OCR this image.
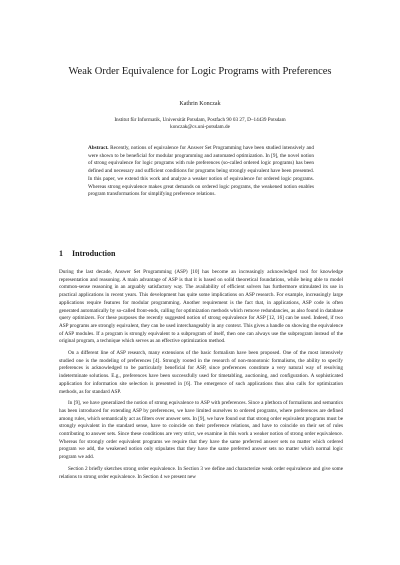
Weak Order Equivalence for Logic Programs with Preferences
Kathrin Konczak
Institut für Informatik, Universität Potsdam, Postfach 90 03 27, D–14439 Potsdam
konczak@cs.uni-potsdam.de
Abstract. Recently, notions of equivalence for Answer Set Programming have been studied intensively and were shown to be beneficial for modular programming and automated optimization. In [9], the novel notion of strong equivalence for logic programs with rule preferences (so-called ordered logic programs) has been defined and necessary and sufficient conditions for programs being strongly equivalent have been presented. In this paper, we extend this work and analyze a weaker notion of equivalence for ordered logic programs. Whereas strong equivalence makes great demands on ordered logic programs, the weakened notion enables program transformations for simplifying preference relations.
1 Introduction

During the last decade, Answer Set Programming (ASP) [10] has become an increasingly acknowledged tool for knowledge representation and reasoning. A main advantage of ASP is that it is based on solid theoretical foundations, while being able to model common-sense reasoning in an arguably satisfactory way. The availability of efficient solvers has furthermore stimulated its use in practical applications in recent years. This development has quite some implications on ASP research. For example, increasingly large applications require features for modular programming. Another requirement is the fact that, in applications, ASP code is often generated automatically by so-called front-ends, calling for optimization methods which remove redundancies, as also found in database query optimizers. For these purposes the recently suggested notion of strong equivalence for ASP [12, 16] can be used. Indeed, if two ASP programs are strongly equivalent, they can be used interchangeably in any context. This gives a handle on showing the equivalence of ASP modules. If a program is strongly equivalent to a subprogram of itself, then one can always use the subprogram instead of the original program, a technique which serves as an effective optimization method.

On a different line of ASP research, many extensions of the basic formalism have been proposed. One of the most intensively studied one is the modeling of preferences [4]. Strongly rooted in the research of non-monotonic formalisms, the ability to specify preferences is acknowledged to be particularly beneficial for ASP, since preferences constitute a very natural way of resolving indeterminate solutions. E.g., preferences have been successfully used for timetabling, auctioning, and configuration. A sophisticated application for information site selection is presented in [6]. The emergence of such applications thus also calls for optimization methods, as for standard ASP.

In [9], we have generalized the notion of strong equivalence to ASP with preferences. Since a plethora of formalisms and semantics has been introduced for extending ASP by preferences, we have limited ourselves to ordered programs, where preferences are defined among rules, which semantically act as filters over answer sets. In [9], we have found out that strong order equivalent programs must be strongly equivalent in the standard sense, have to coincide on their preference relations, and have to coincide on their set of rules contributing to answer sets. Since these conditions are very strict, we examine in this work a weaker notion of strong order equivalence. Whereas for strongly order equivalent programs we require that they have the same preferred answer sets no matter which ordered program we add, the weakened notion only stipulates that they have the same preferred answer sets no matter which normal logic program we add.

Section 2 briefly sketches strong order equivalence. In Section 3 we define and characterize weak order equivalence and give some relations to strong order equivalence. In Section 4 we present new
